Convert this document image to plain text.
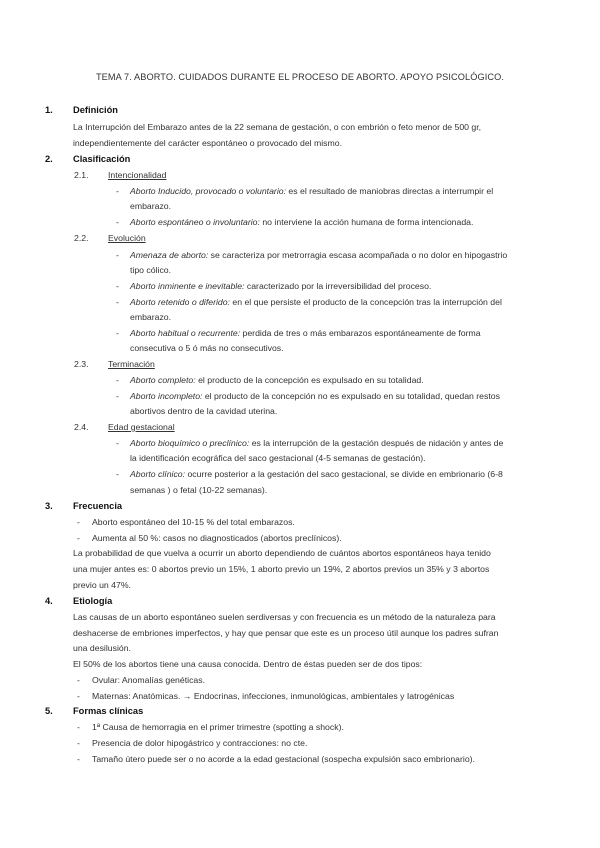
TEMA 7. ABORTO. CUIDADOS DURANTE EL PROCESO DE ABORTO. APOYO PSICOLÓGICO.
1. Definición
La Interrupción del Embarazo antes de la 22 semana de gestación, o con embrión o feto menor de 500 gr,
independientemente del carácter espontáneo o provocado del mismo.
2. Clasificación
2.1. Intencionalidad
- Aborto Inducido, provocado o voluntario: es el resultado de maniobras directas a interrumpir el
embarazo.
- Aborto espontáneo o involuntario: no interviene la acción humana de forma intencionada.
2.2. Evolución
- Amenaza de aborto: se caracteriza por metrorragia escasa acompañada o no dolor en hipogastrio
tipo cólico.
- Aborto inminente e inevitable: caracterizado por la irreversibilidad del proceso.
- Aborto retenido o diferido: en el que persiste el producto de la concepción tras la interrupción del
embarazo.
- Aborto habitual o recurrente: perdida de tres o más embarazos espontáneamente de forma
consecutiva o 5 ó más no consecutivos.
2.3. Terminación
- Aborto completo: el producto de la concepción es expulsado en su totalidad.
- Aborto incompleto: el producto de la concepción no es expulsado en su totalidad, quedan restos
abortivos dentro de la cavidad uterina.
2.4. Edad gestacional
- Aborto bioquímico o preclínico: es la interrupción de la gestación después de nidación y antes de
la identificación ecográfica del saco gestacional (4-5 semanas de gestación).
- Aborto clínico: ocurre posterior a la gestación del saco gestacional, se divide en embrionario (6-8
semanas ) o fetal (10-22 semanas).
3. Frecuencia
- Aborto espontáneo del 10-15 % del total embarazos.
- Aumenta al 50 %: casos no diagnosticados (abortos preclínicos).
La probabilidad de que vuelva a ocurrir un aborto dependiendo de cuántos abortos espontáneos haya tenido
una mujer antes es: 0 abortos previo un 15%, 1 aborto previo un 19%, 2 abortos previos un 35% y 3 abortos
previo un 47%.
4. Etiología
Las causas de un aborto espontáneo suelen serdiversas y con frecuencia es un método de la naturaleza para
deshacerse de embriones imperfectos, y hay que pensar que este es un proceso útil aunque los padres sufran
una desilusión.
El 50% de los abortos tiene una causa conocida. Dentro de éstas pueden ser de dos tipos:
- Ovular: Anomalías genéticas.
- Maternas: Anatómicas. → Endocrinas, infecciones, inmunológicas, ambientales y Iatrogénicas
5. Formas clínicas
- 1ª Causa de hemorragia en el primer trimestre (spotting a shock).
- Presencia de dolor hipogástrico y contracciones: no cte.
- Tamaño útero puede ser o no acorde a la edad gestacional (sospecha expulsión saco embrionario).
